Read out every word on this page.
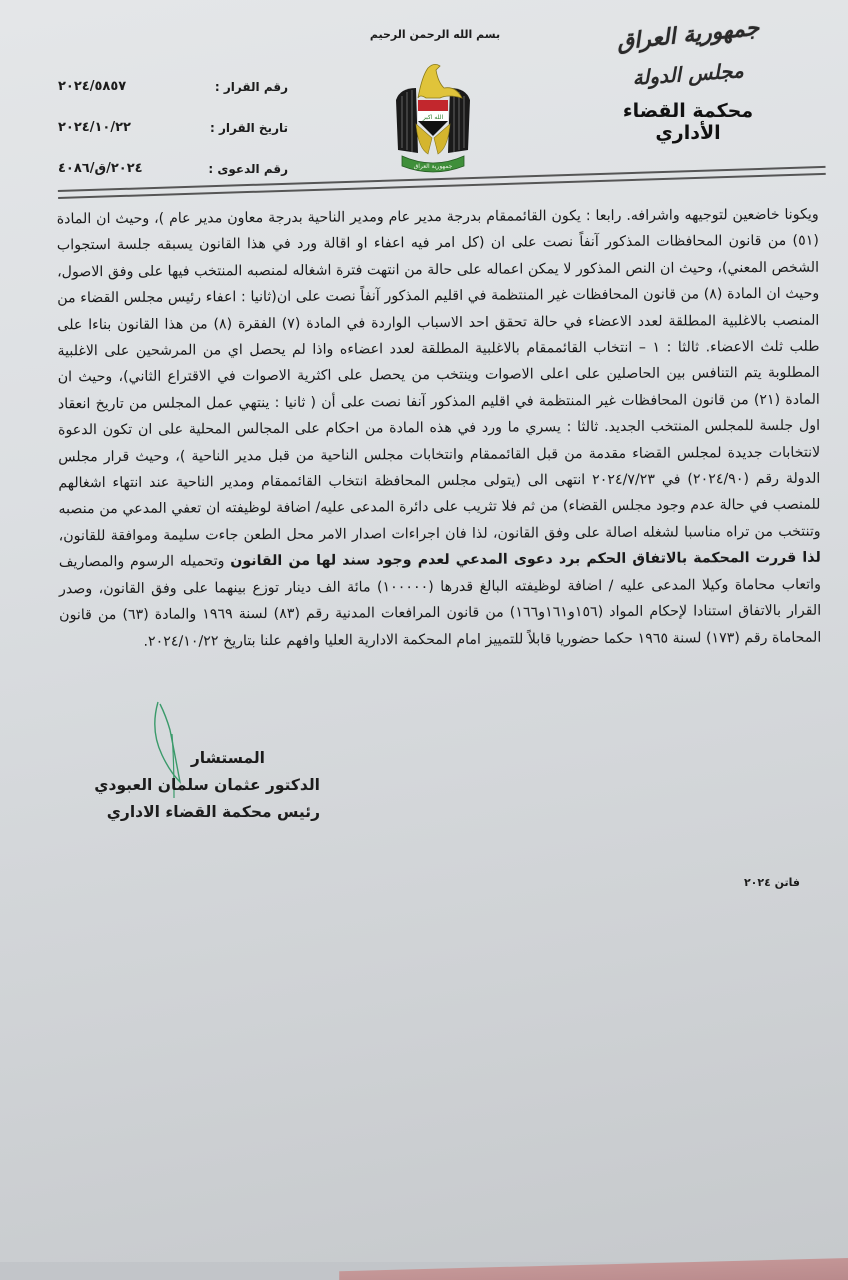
بسم الله الرحمن الرحيم	جمهورية العراق
مجلس الدولة
محكمة القضاء الأداري
الله اكبر
جمهورية العراق
رقم القرار :
٢٠٢٤/٥٨٥٧
تاريخ القرار :
٢٠٢٤/١٠/٢٢
رقم الدعوى :
٢٠٢٤/ق/٤٠٨٦

ويكونا خاضعين لتوجيهه واشرافه. رابعا : يكون القائممقام بدرجة مدير عام ومدير الناحية بدرجة معاون مدير عام )، وحيث ان المادة (٥١) من قانون المحافظات المذكور آنفاً نصت على ان (كل امر فيه اعفاء او اقالة ورد في هذا القانون يسبقه جلسة استجواب الشخص المعني)، وحيث ان النص المذكور لا يمكن اعماله على حالة من انتهت فترة اشغاله لمنصبه المنتخب فيها على وفق الاصول، وحيث ان المادة (٨) من قانون المحافظات غير المنتظمة في اقليم المذكور آنفاً نصت على ان(ثانيا : اعفاء رئيس مجلس القضاء من المنصب بالاغلبية المطلقة لعدد الاعضاء في حالة تحقق احد الاسباب الواردة في المادة (٧) الفقرة (٨) من هذا القانون بناءا على طلب ثلث الاعضاء. ثالثا : ١ – انتخاب القائممقام بالاغلبية المطلقة لعدد اعضاءه واذا لم يحصل اي من المرشحين على الاغلبية المطلوبة يتم التنافس بين الحاصلين على اعلى الاصوات وينتخب من يحصل على اكثرية الاصوات في الاقتراع الثاني)، وحيث ان المادة (٢١) من قانون المحافظات غير المنتظمة في اقليم المذكور آنفا نصت على أن ( ثانيا : ينتهي عمل المجلس من تاريخ انعقاد اول جلسة للمجلس المنتخب الجديد. ثالثا : يسري ما ورد في هذه المادة من احكام على المجالس المحلية على ان تكون الدعوة لانتخابات جديدة لمجلس القضاء مقدمة من قبل القائممقام وانتخابات مجلس الناحية من قبل مدير الناحية )، وحيث قرار مجلس الدولة رقم (٢٠٢٤/٩٠) في ٢٠٢٤/٧/٢٣ انتهى الى (يتولى مجلس المحافظة انتخاب القائممقام ومدير الناحية عند انتهاء اشغالهم للمنصب في حالة عدم وجود مجلس القضاء) من ثم فلا تثريب على دائرة المدعى عليه/ اضافة لوظيفته ان تعفي المدعي من منصبه وتنتخب من تراه مناسبا لشغله اصالة على وفق القانون، لذا فان اجراءات اصدار الامر محل الطعن جاءت سليمة وموافقة للقانون، لذا قررت المحكمة بالاتفاق الحكم برد دعوى المدعي لعدم وجود سند لها من القانون وتحميله الرسوم والمصاريف واتعاب محاماة وكيلا المدعى عليه / اضافة لوظيفته البالغ قدرها (١٠٠٠٠٠) مائة الف دينار توزع بينهما على وفق القانون، وصدر القرار بالاتفاق استنادا لإحكام المواد (١٥٦و١٦١و١٦٦) من قانون المرافعات المدنية رقم (٨٣) لسنة ١٩٦٩ والمادة (٦٣) من قانون المحاماة رقم (١٧٣) لسنة ١٩٦٥ حكما حضوريا قابلاً للتمييز امام المحكمة الادارية العليا وافهم علنا بتاريخ ٢٠٢٤/١٠/٢٢.

المستشار
الدكتور عثمان سلمان العبودي
رئيس محكمة القضاء الاداري
فاتن ٢٠٢٤
